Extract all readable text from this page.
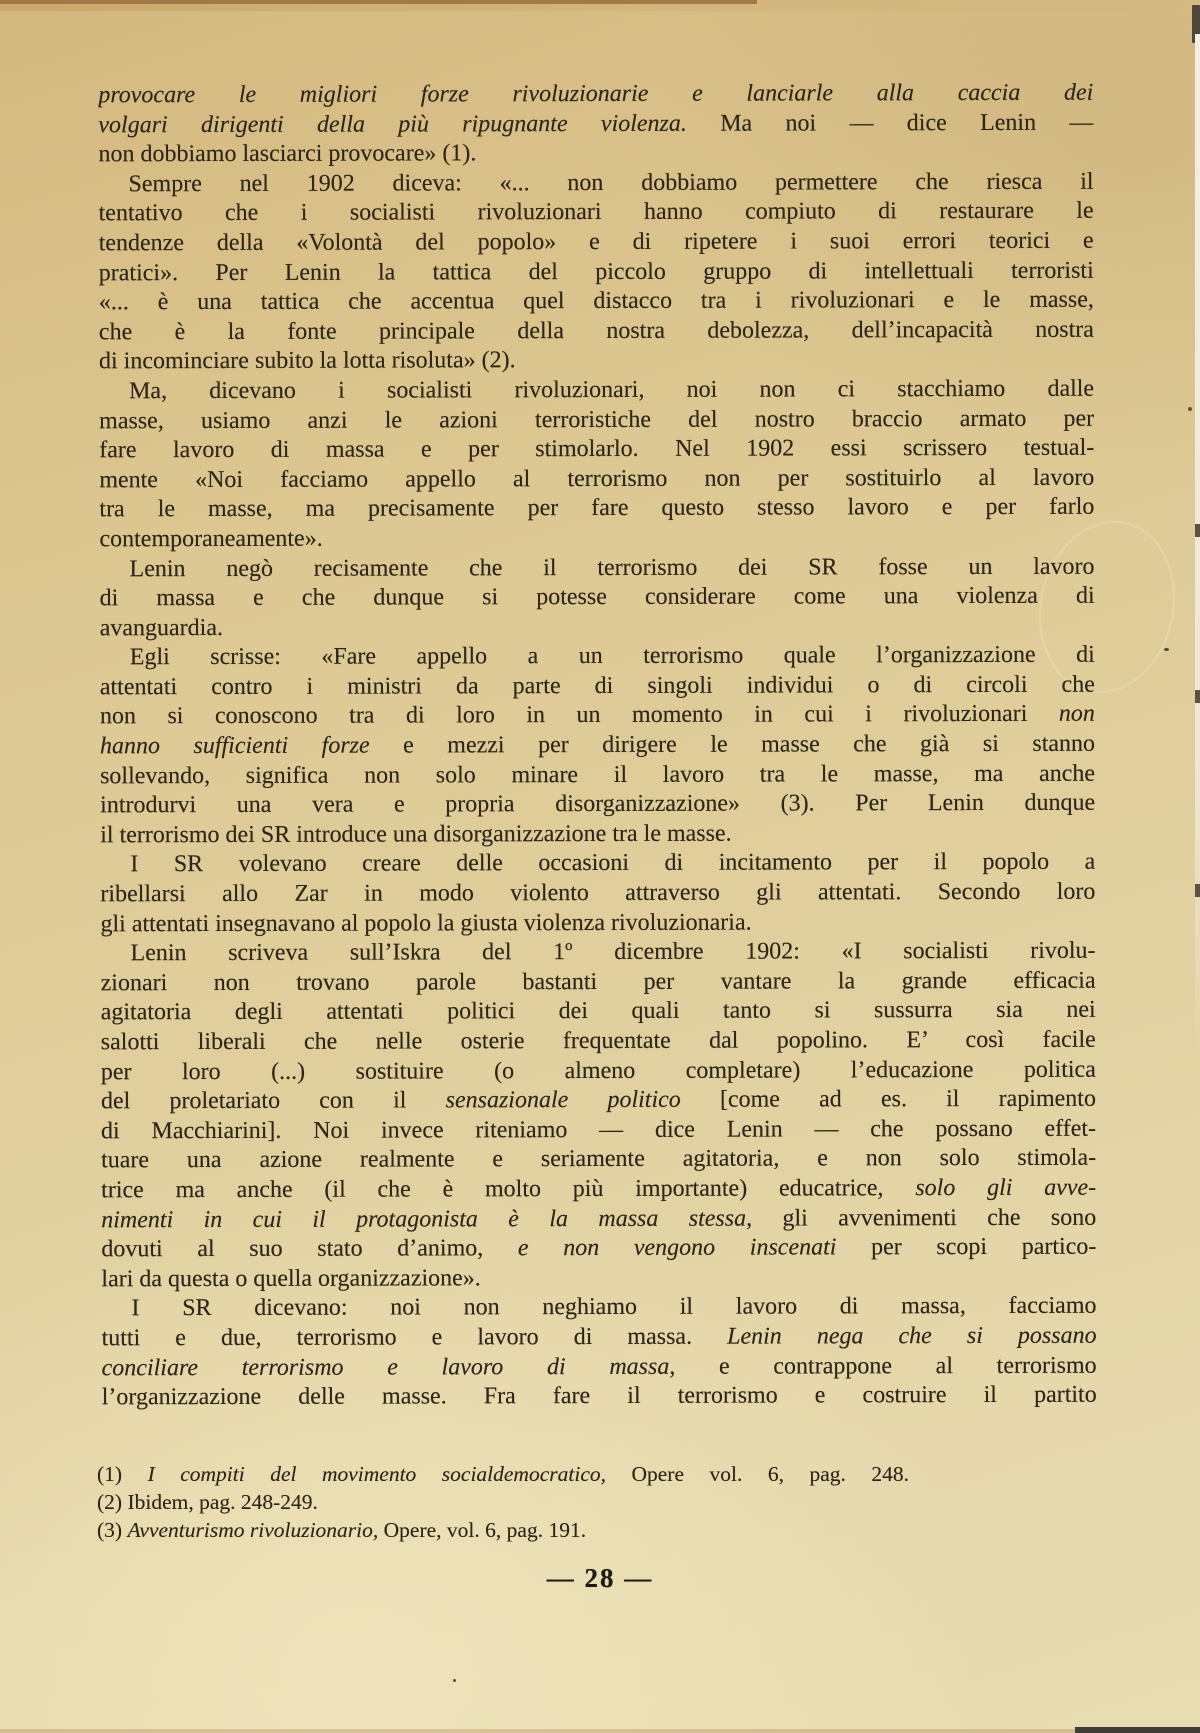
provocare le migliori forze rivoluzionarie e lanciarle alla caccia dei
volgari dirigenti della più ripugnante violenza. Ma noi — dice Lenin —
non dobbiamo lasciarci provocare» (1).
Sempre nel 1902 diceva: «... non dobbiamo permettere che riesca il
tentativo che i socialisti rivoluzionari hanno compiuto di restaurare le
tendenze della «Volontà del popolo» e di ripetere i suoi errori teorici e
pratici». Per Lenin la tattica del piccolo gruppo di intellettuali terroristi
«... è una tattica che accentua quel distacco tra i rivoluzionari e le masse,
che è la fonte principale della nostra debolezza, dell’incapacità nostra
di incominciare subito la lotta risoluta» (2).
Ma, dicevano i socialisti rivoluzionari, noi non ci stacchiamo dalle
masse, usiamo anzi le azioni terroristiche del nostro braccio armato per
fare lavoro di massa e per stimolarlo. Nel 1902 essi scrissero testual-
mente «Noi facciamo appello al terrorismo non per sostituirlo al lavoro
tra le masse, ma precisamente per fare questo stesso lavoro e per farlo
contemporaneamente».
Lenin negò recisamente che il terrorismo dei SR fosse un lavoro
di massa e che dunque si potesse considerare come una violenza di
avanguardia.
Egli scrisse: «Fare appello a un terrorismo quale l’organizzazione di
attentati contro i ministri da parte di singoli individui o di circoli che
non si conoscono tra di loro in un momento in cui i rivoluzionari non
hanno sufficienti forze e mezzi per dirigere le masse che già si stanno
sollevando, significa non solo minare il lavoro tra le masse, ma anche
introdurvi una vera e propria disorganizzazione» (3). Per Lenin dunque
il terrorismo dei SR introduce una disorganizzazione tra le masse.
I SR volevano creare delle occasioni di incitamento per il popolo a
ribellarsi allo Zar in modo violento attraverso gli attentati. Secondo loro
gli attentati insegnavano al popolo la giusta violenza rivoluzionaria.
Lenin scriveva sull’Iskra del 1º dicembre 1902: «I socialisti rivolu-
zionari non trovano parole bastanti per vantare la grande efficacia
agitatoria degli attentati politici dei quali tanto si sussurra sia nei
salotti liberali che nelle osterie frequentate dal popolino. E’ così facile
per loro (...) sostituire (o almeno completare) l’educazione politica
del proletariato con il sensazionale politico [come ad es. il rapimento
di Macchiarini]. Noi invece riteniamo — dice Lenin — che possano effet-
tuare una azione realmente e seriamente agitatoria, e non solo stimola-
trice ma anche (il che è molto più importante) educatrice, solo gli avve-
nimenti in cui il protagonista è la massa stessa, gli avvenimenti che sono
dovuti al suo stato d’animo, e non vengono inscenati per scopi partico-
lari da questa o quella organizzazione».
I SR dicevano: noi non neghiamo il lavoro di massa, facciamo
tutti e due, terrorismo e lavoro di massa. Lenin nega che si possano
conciliare terrorismo e lavoro di massa, e contrappone al terrorismo
l’organizzazione delle masse. Fra fare il terrorismo e costruire il partito
(1) I compiti del movimento socialdemocratico, Opere vol. 6, pag. 248.
(2) Ibidem, pag. 248-249.
(3) Avventurismo rivoluzionario, Opere, vol. 6, pag. 191.
— 28 —
